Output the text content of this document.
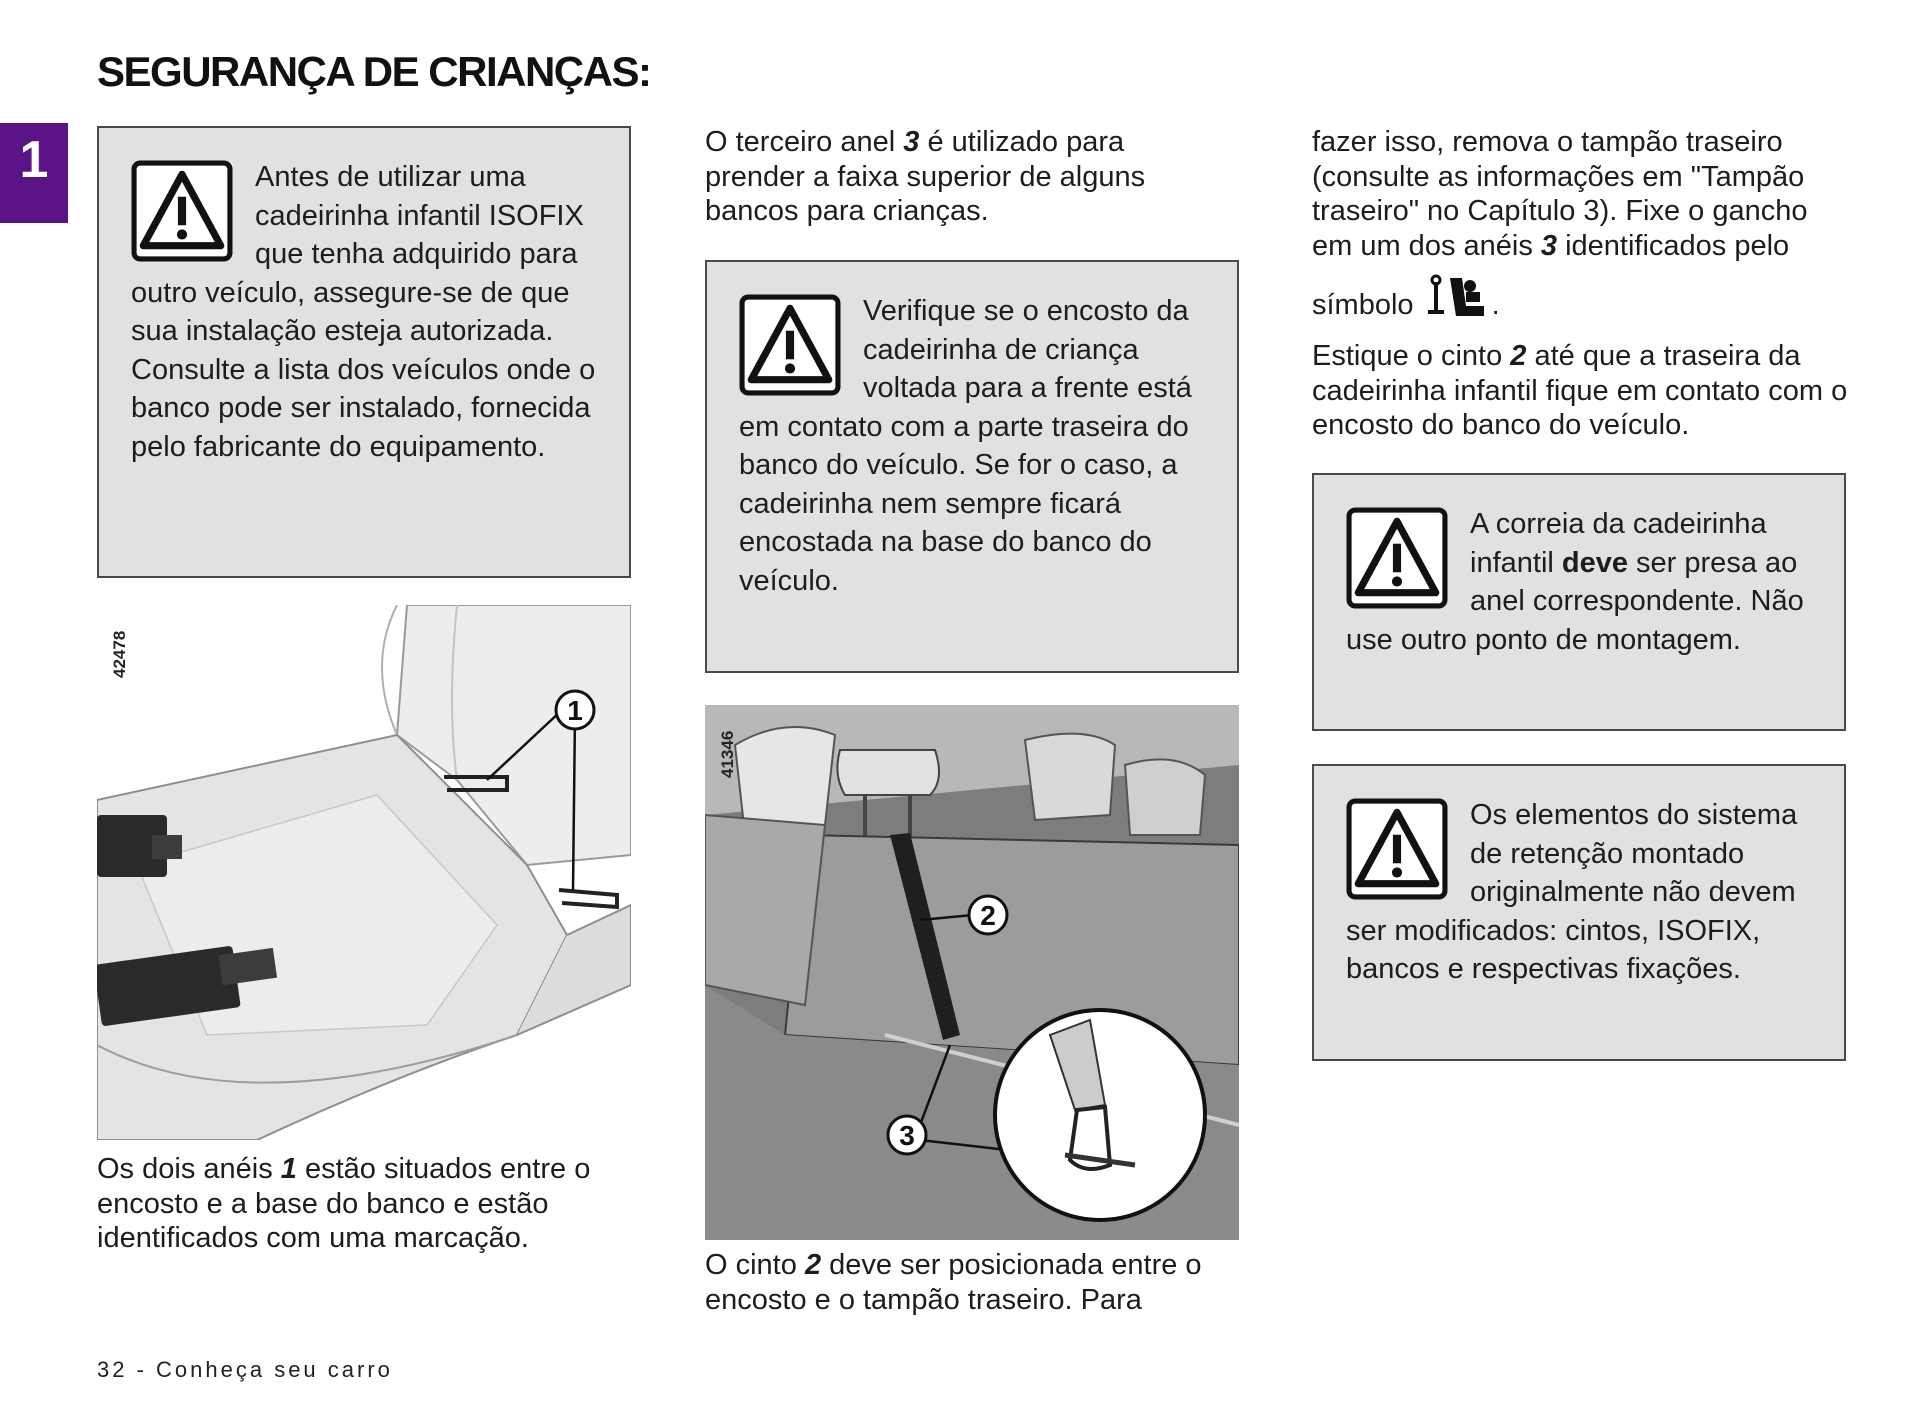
SEGURANÇA DE CRIANÇAS:
1	Antes de utilizar uma cadeirinha infantil ISOFIX que tenha adquirido para outro veículo, assegure-se de que sua instalação esteja autorizada. Consulte a lista dos veículos onde o banco pode ser instalado, fornecida pelo fabricante do equipamento.

1
42478

Os dois anéis 1 estão situados entre o encosto e a base do banco e estão identificados com uma marcação.

O terceiro anel 3 é utilizado para prender a faixa superior de alguns bancos para crianças.

Verifique se o encosto da cadeirinha de criança voltada para a frente está em contato com a parte traseira do banco do veículo. Se for o caso, a cadeirinha nem sempre ficará encostada na base do banco do veículo.

2
3
41346

O cinto 2 deve ser posicionada entre o encosto e o tampão traseiro. Para

fazer isso, remova o tampão traseiro (consulte as informações em "Tampão traseiro" no Capítulo 3). Fixe o gancho em um dos anéis 3 identificados pelo

símbolo	.

Estique o cinto 2 até que a traseira da cadeirinha infantil fique em contato com o encosto do banco do veículo.

A correia da cadeirinha infantil deve ser presa ao anel correspondente. Não use outro ponto de montagem.

Os elementos do sistema de retenção montado originalmente não devem ser modificados: cintos, ISOFIX, bancos e respectivas fixações.

32 - Conheça seu carro
